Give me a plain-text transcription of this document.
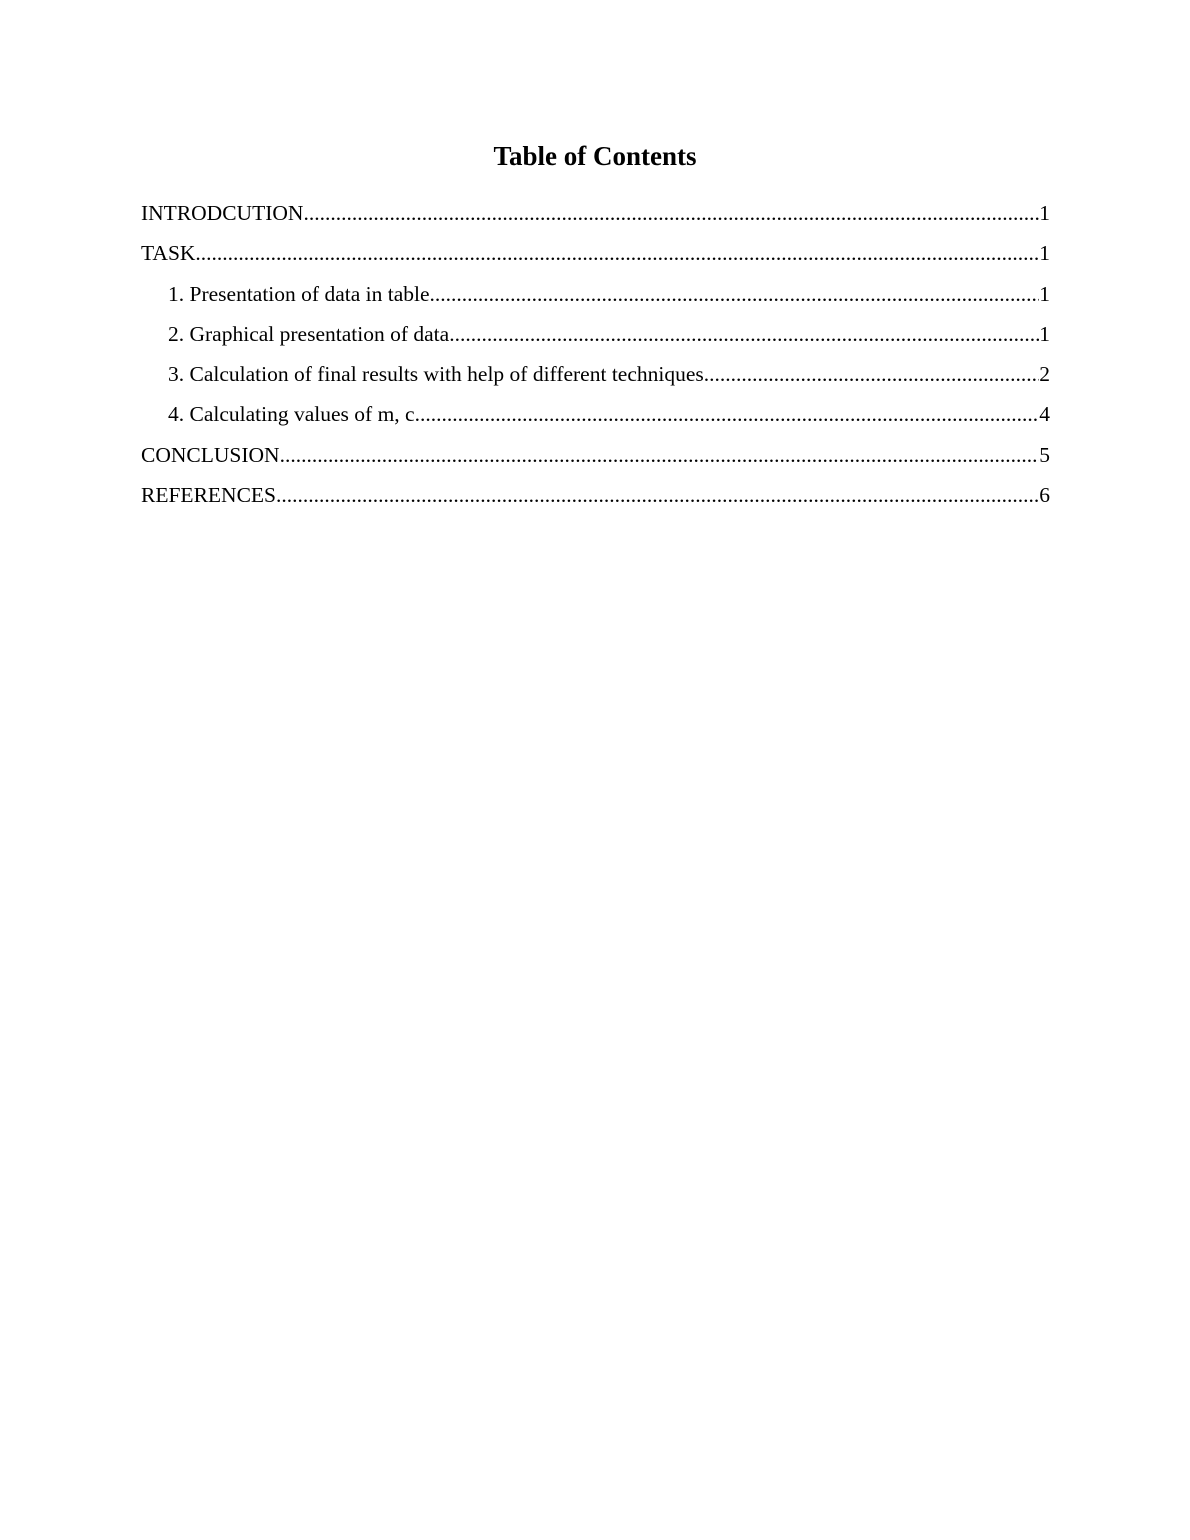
Table of Contents
INTRODCUTION .....	1
TASK .....	1
1. Presentation of data in table .....	1
2. Graphical presentation of data .....	1
3. Calculation of final results with help of different techniques .....	2
4. Calculating values of m, c .....	4
CONCLUSION .....	5
REFERENCES .....	6
